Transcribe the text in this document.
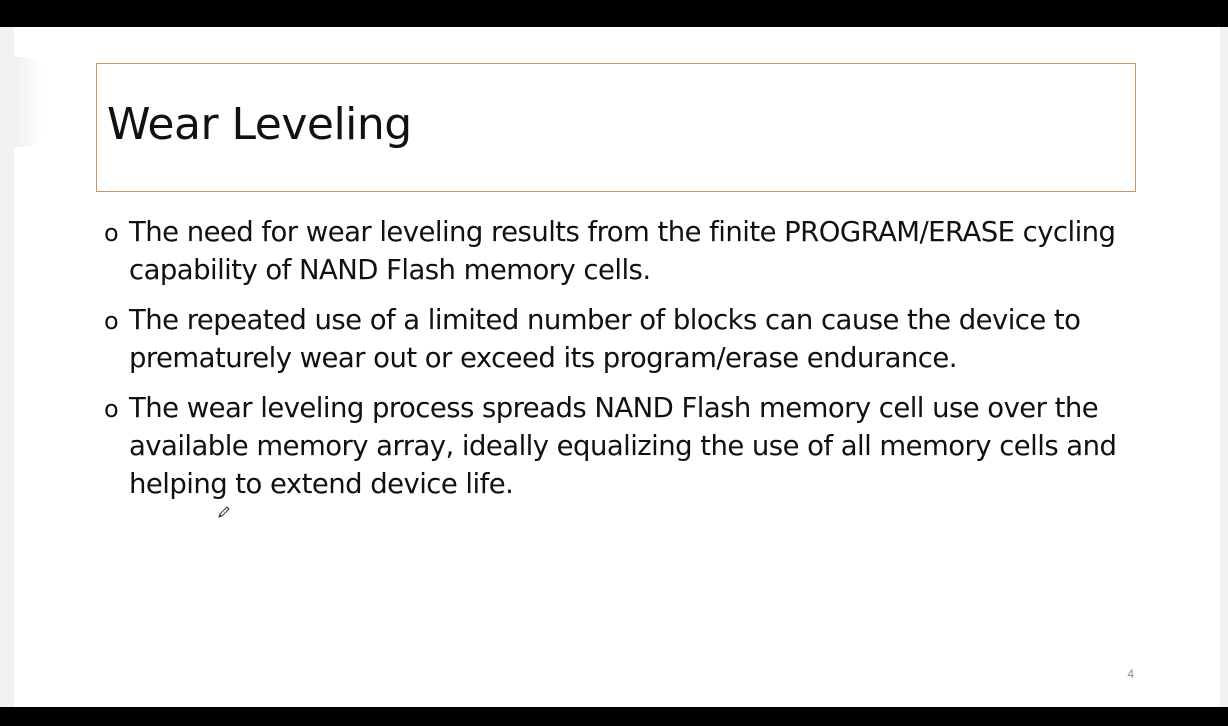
Wear Leveling
o The need for wear leveling results from the finite PROGRAM/ERASE cycling capability of NAND Flash memory cells.
o The repeated use of a limited number of blocks can cause the device to prematurely wear out or exceed its program/erase endurance.
o The wear leveling process spreads NAND Flash memory cell use over the available memory array, ideally equalizing the use of all memory cells and helping to extend device life.
4
